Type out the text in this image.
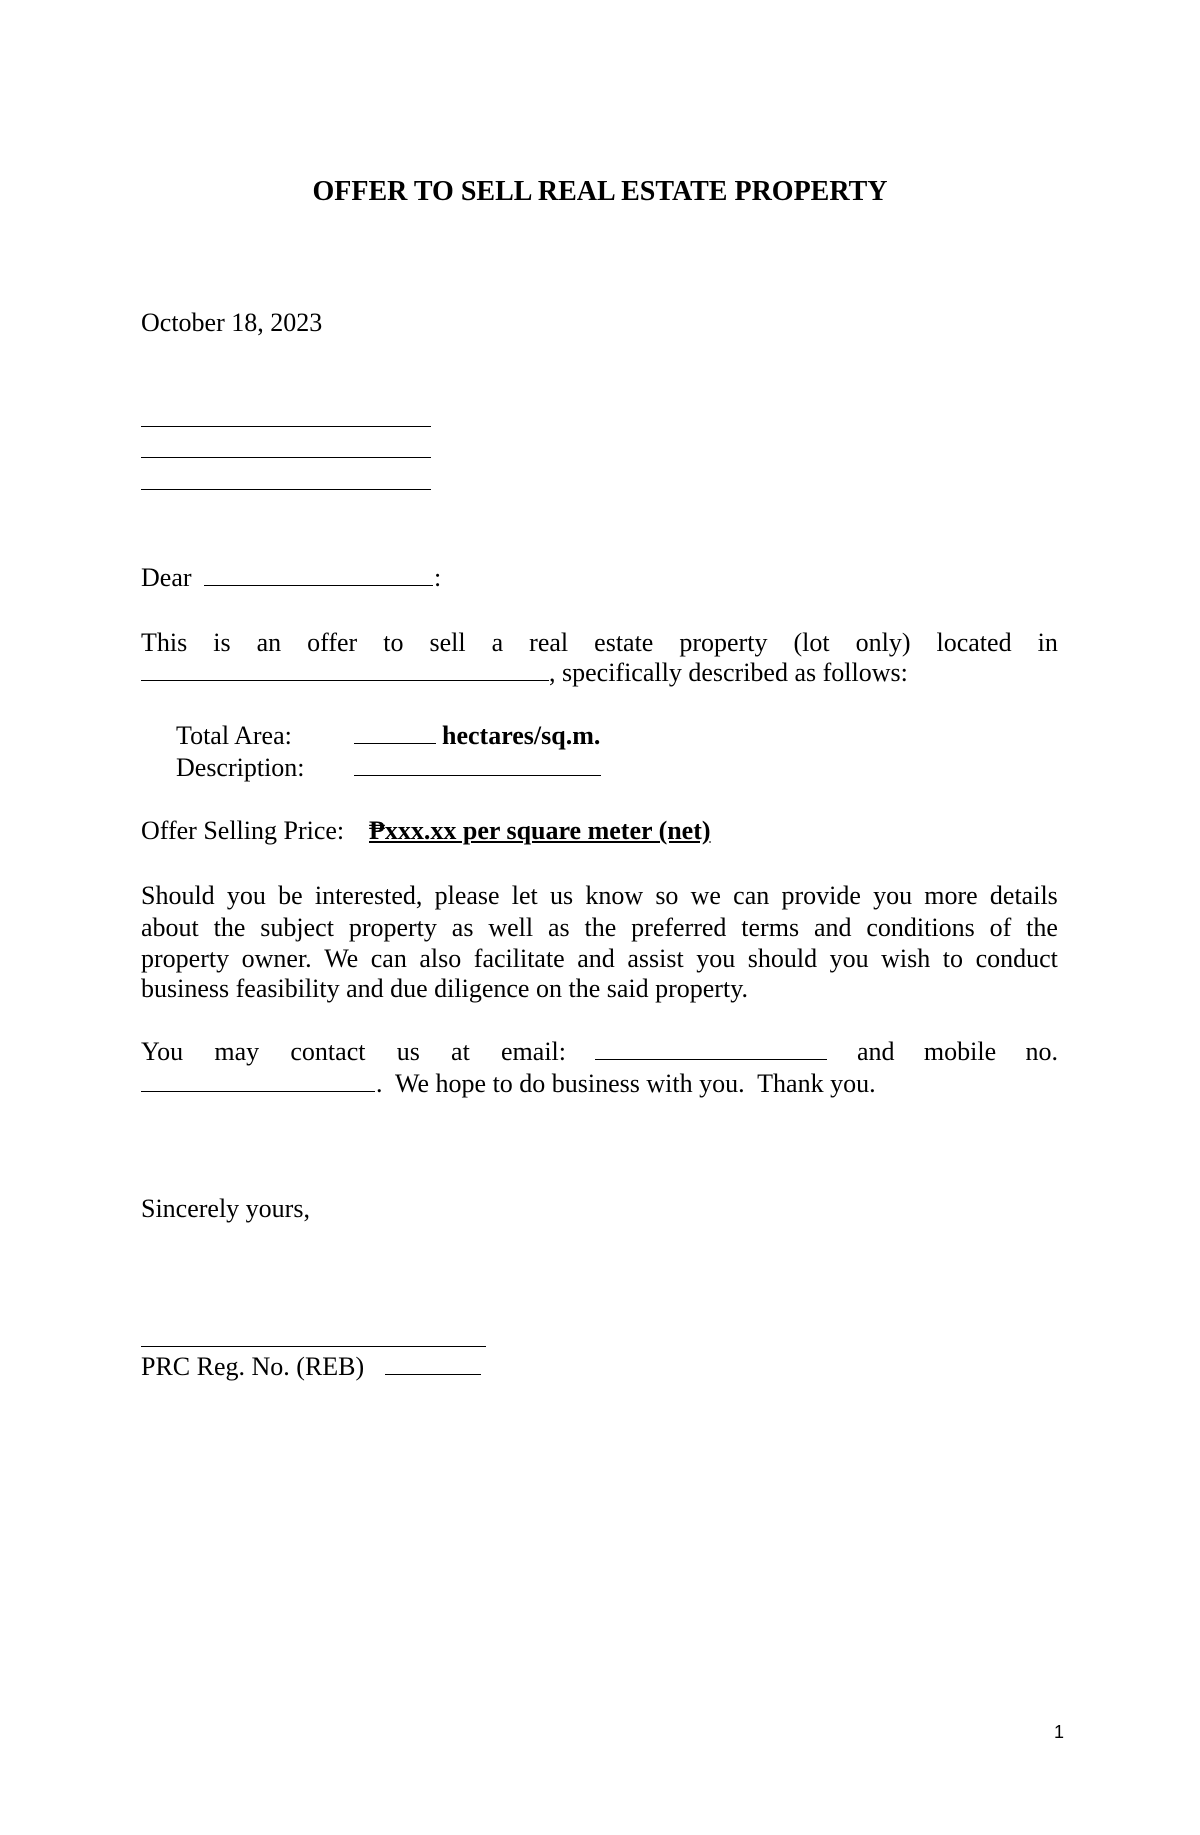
OFFER TO SELL REAL ESTATE PROPERTY
October 18, 2023
Dear	:
This is an offer to sell a real estate property (lot only) located in
, specifically described as follows:
Total Area:	hectares/sq.m.
Description:
Offer Selling Price: ₱xxx.xx per square meter (net)
Should you be interested, please let us know so we can provide you more details
about the subject property as well as the preferred terms and conditions of the
property owner. We can also facilitate and assist you should you wish to conduct
business feasibility and due diligence on the said property.
You may contact us at email:	and mobile no.
.  We hope to do business with you.  Thank you.
Sincerely yours,
PRC Reg. No. (REB)
1
